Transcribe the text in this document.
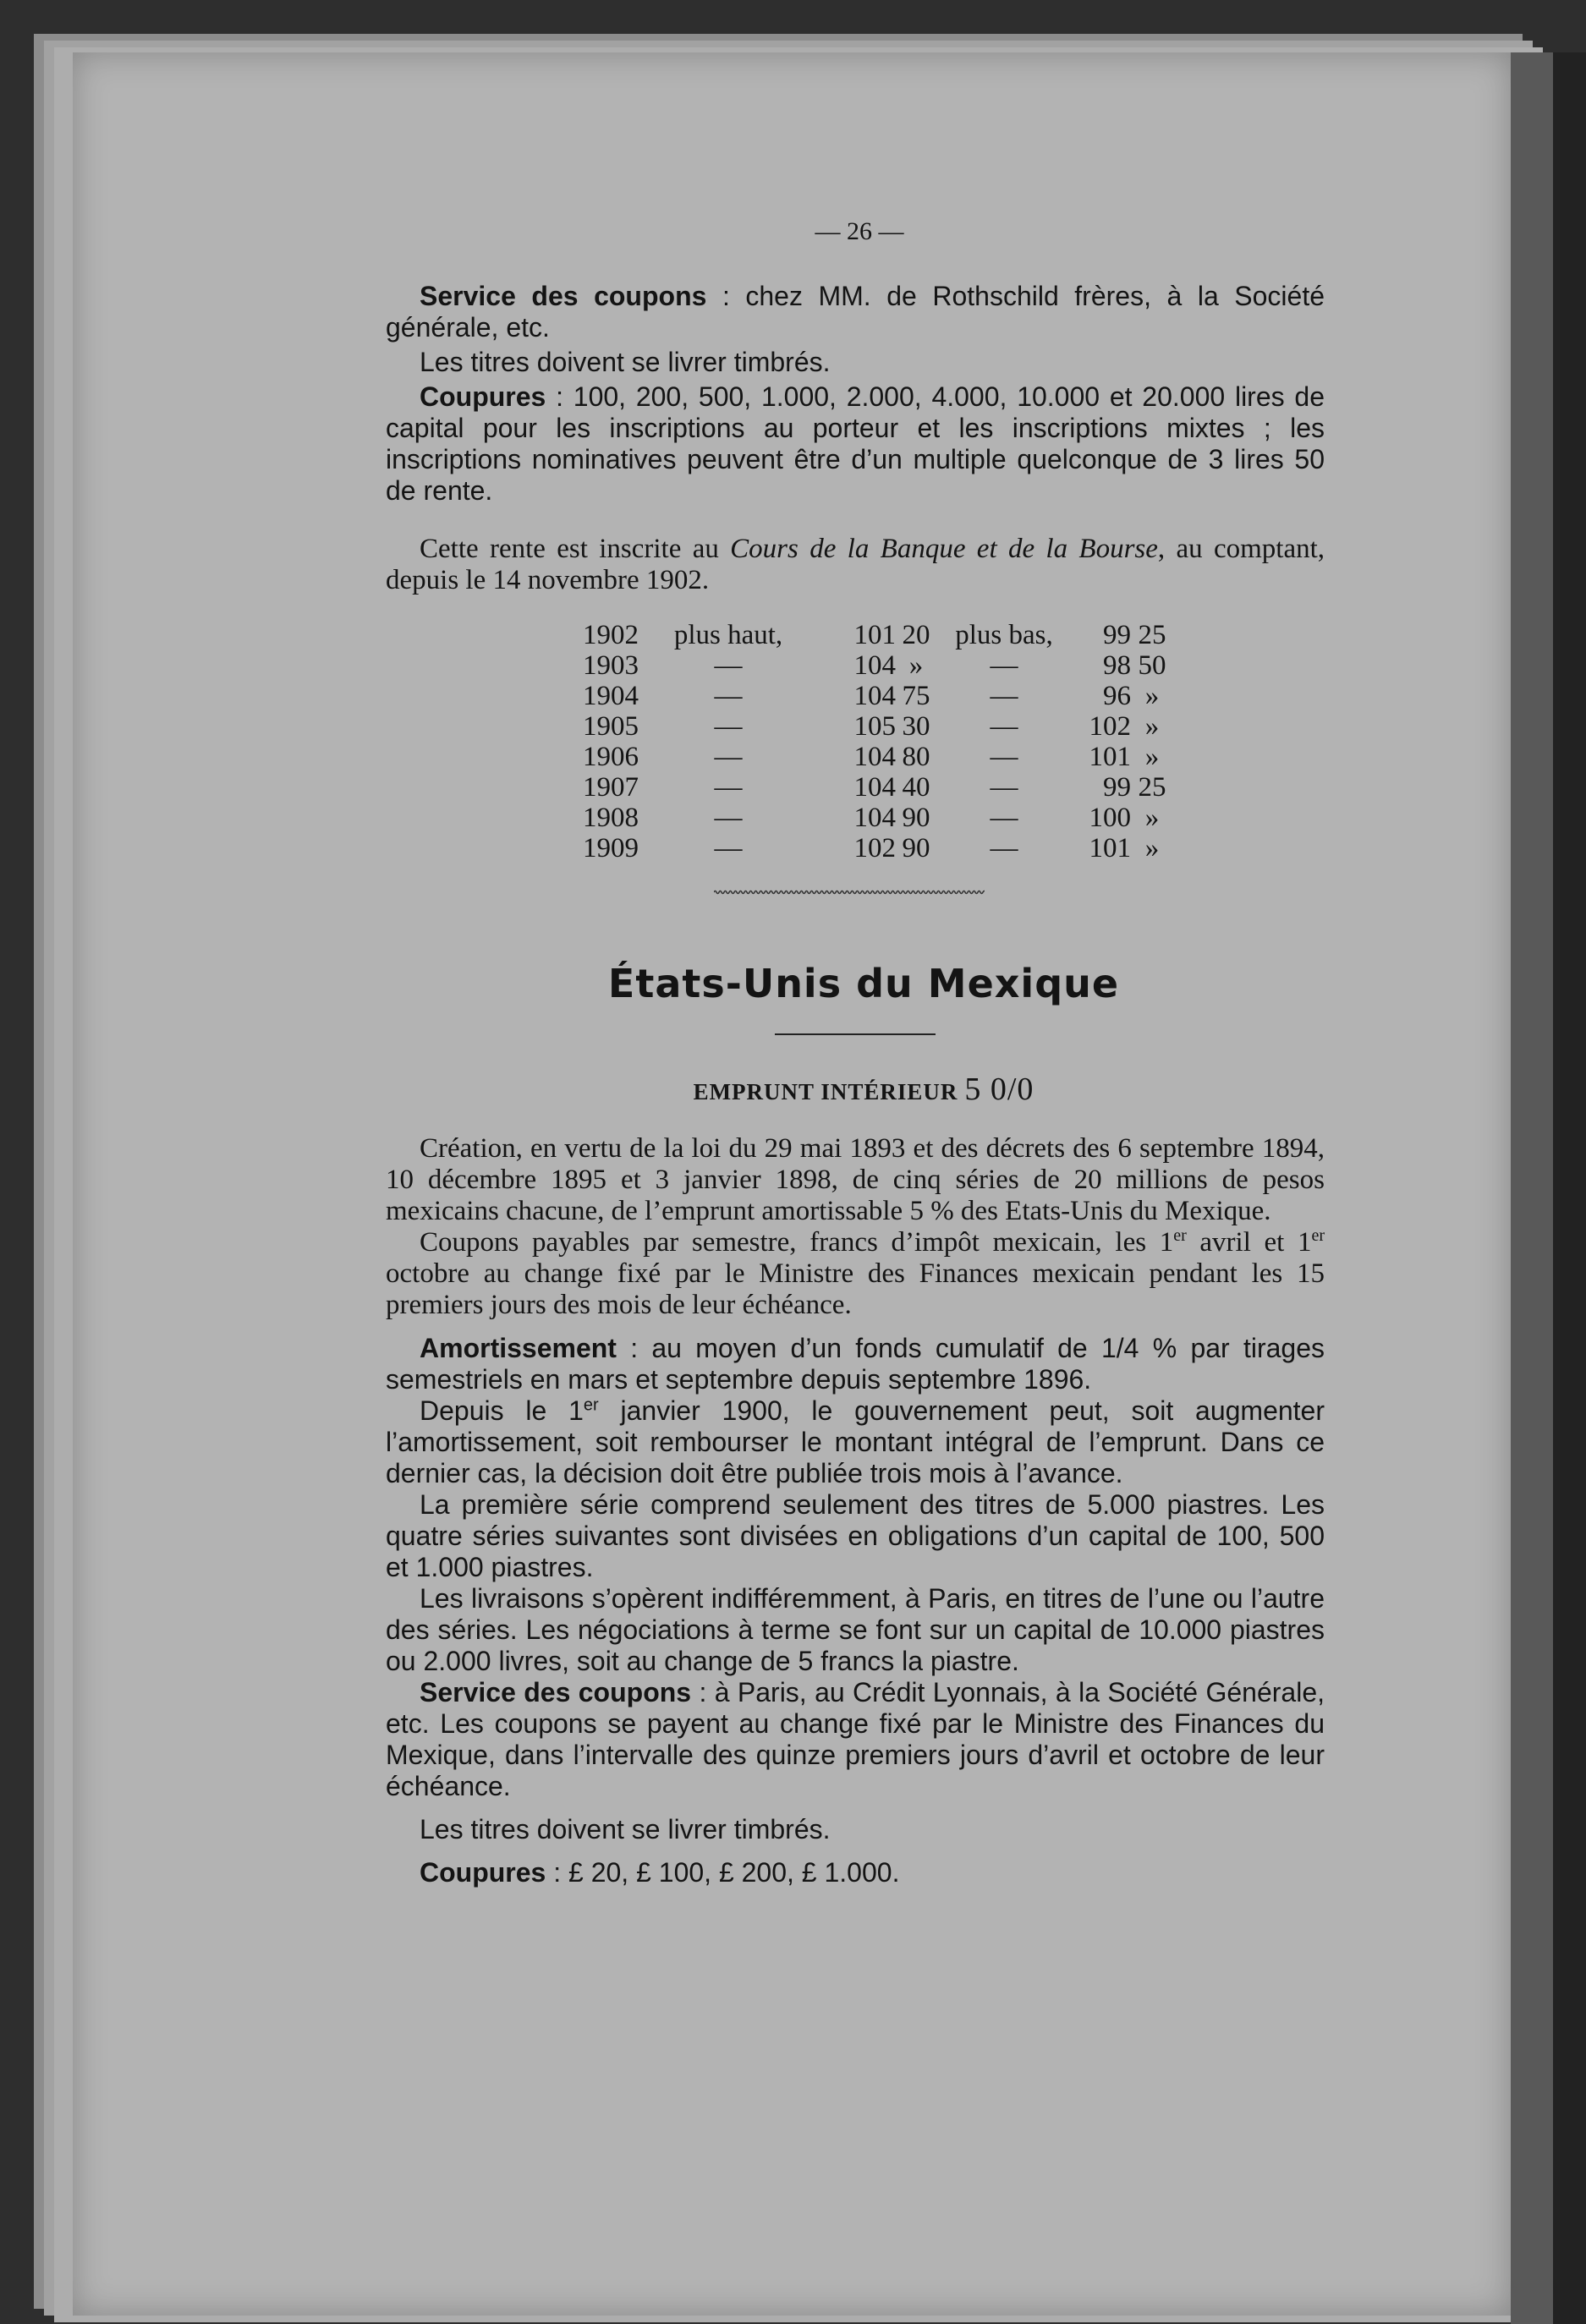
— 26 —

Service des coupons : chez MM. de Rothschild frères, à la Société générale, etc.

Les titres doivent se livrer timbrés.

Coupures : 100, 200, 500, 1.000, 2.000, 4.000, 10.000 et 20.000 lires de capital pour les inscriptions au porteur et les inscriptions mixtes ; les inscriptions nominatives peuvent être d’un multiple quelconque de 3 lires 50 de rente.

Cette rente est inscrite au Cours de la Banque et de la Bourse, au comptant, depuis le 14 novembre 1902.

1902	plus haut,	101	20	plus bas,	99	25
1903	—	104	»	—	98	50
1904	—	104	75	—	96	»
1905	—	105	30	—	102	»
1906	—	104	80	—	101	»
1907	—	104	40	—	99	25
1908	—	104	90	—	100	»
1909	—	102	90	—	101	»
États-Unis du Mexique
EMPRUNT INTÉRIEUR 5 0/0

Création, en vertu de la loi du 29 mai 1893 et des décrets des 6 septembre 1894, 10 décembre 1895 et 3 janvier 1898, de cinq séries de 20 millions de pesos mexicains chacune, de l’emprunt amortissable 5 % des Etats-Unis du Mexique.

Coupons payables par semestre, francs d’impôt mexicain, les 1er avril et 1er octobre au change fixé par le Ministre des Finances mexicain pendant les 15 premiers jours des mois de leur échéance.

Amortissement : au moyen d’un fonds cumulatif de 1/4 % par tirages semestriels en mars et septembre depuis septembre 1896.

Depuis le 1er janvier 1900, le gouvernement peut, soit augmenter l’amortissement, soit rembourser le montant intégral de l’emprunt. Dans ce dernier cas, la décision doit être publiée trois mois à l’avance.

La première série comprend seulement des titres de 5.000 piastres. Les quatre séries suivantes sont divisées en obligations d’un capital de 100, 500 et 1.000 piastres.

Les livraisons s’opèrent indifféremment, à Paris, en titres de l’une ou l’autre des séries. Les négociations à terme se font sur un capital de 10.000 piastres ou 2.000 livres, soit au change de 5 francs la piastre.

Service des coupons : à Paris, au Crédit Lyonnais, à la Société Générale, etc. Les coupons se payent au change fixé par le Ministre des Finances du Mexique, dans l’intervalle des quinze premiers jours d’avril et octobre de leur échéance.

Les titres doivent se livrer timbrés.

Coupures : £ 20, £ 100, £ 200, £ 1.000.
